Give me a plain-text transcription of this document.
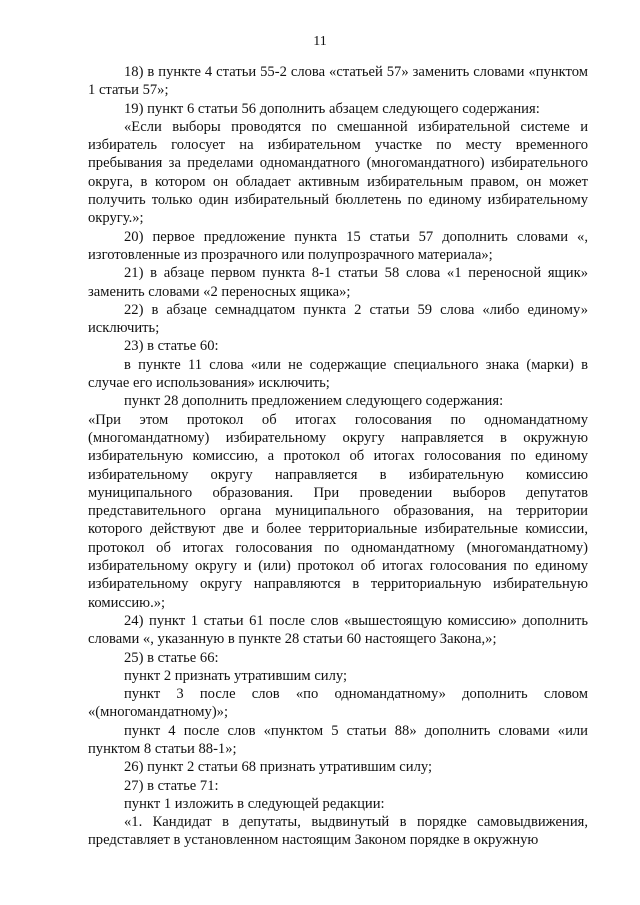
11

18) в пункте 4 статьи 55-2 слова «статьей 57» заменить словами «пунктом 1 статьи 57»;

19) пункт 6 статьи 56 дополнить абзацем следующего содержания:

«Если выборы проводятся по смешанной избирательной системе и избиратель голосует на избирательном участке по месту временного пребывания за пределами одномандатного (многомандатного) избирательного округа, в котором он обладает активным избирательным правом, он может получить только один избирательный бюллетень по единому избирательному округу.»;

20) первое предложение пункта 15 статьи 57 дополнить словами «, изготовленные из прозрачного или полупрозрачного материала»;

21) в абзаце первом пункта 8-1 статьи 58 слова «1 переносной ящик» заменить словами «2 переносных ящика»;

22) в абзаце семнадцатом пункта 2 статьи 59 слова «либо единому» исключить;

23) в статье 60:

в пункте 11 слова «или не содержащие специального знака (марки) в случае его использования» исключить;

пункт 28 дополнить предложением следующего содержания:

«При этом протокол об итогах голосования по одномандатному (многомандатному) избирательному округу направляется в окружную избирательную комиссию, а протокол об итогах голосования по единому избирательному округу направляется в избирательную комиссию муниципального образования. При проведении выборов депутатов представительного органа муниципального образования, на территории которого действуют две и более территориальные избирательные комиссии, протокол об итогах голосования по одномандатному (многомандатному) избирательному округу и (или) протокол об итогах голосования по единому избирательному округу направляются в территориальную избирательную комиссию.»;

24) пункт 1 статьи 61 после слов «вышестоящую комиссию» дополнить словами «, указанную в пункте 28 статьи 60 настоящего Закона,»;

25) в статье 66:

пункт 2 признать утратившим силу;

пункт 3 после слов «по одномандатному» дополнить словом «(многомандатному)»;

пункт 4 после слов «пунктом 5 статьи 88» дополнить словами «или пунктом 8 статьи 88-1»;

26) пункт 2 статьи 68 признать утратившим силу;

27) в статье 71:

пункт 1 изложить в следующей редакции:

«1. Кандидат в депутаты, выдвинутый в порядке самовыдвижения, представляет в установленном настоящим Законом порядке в окружную
